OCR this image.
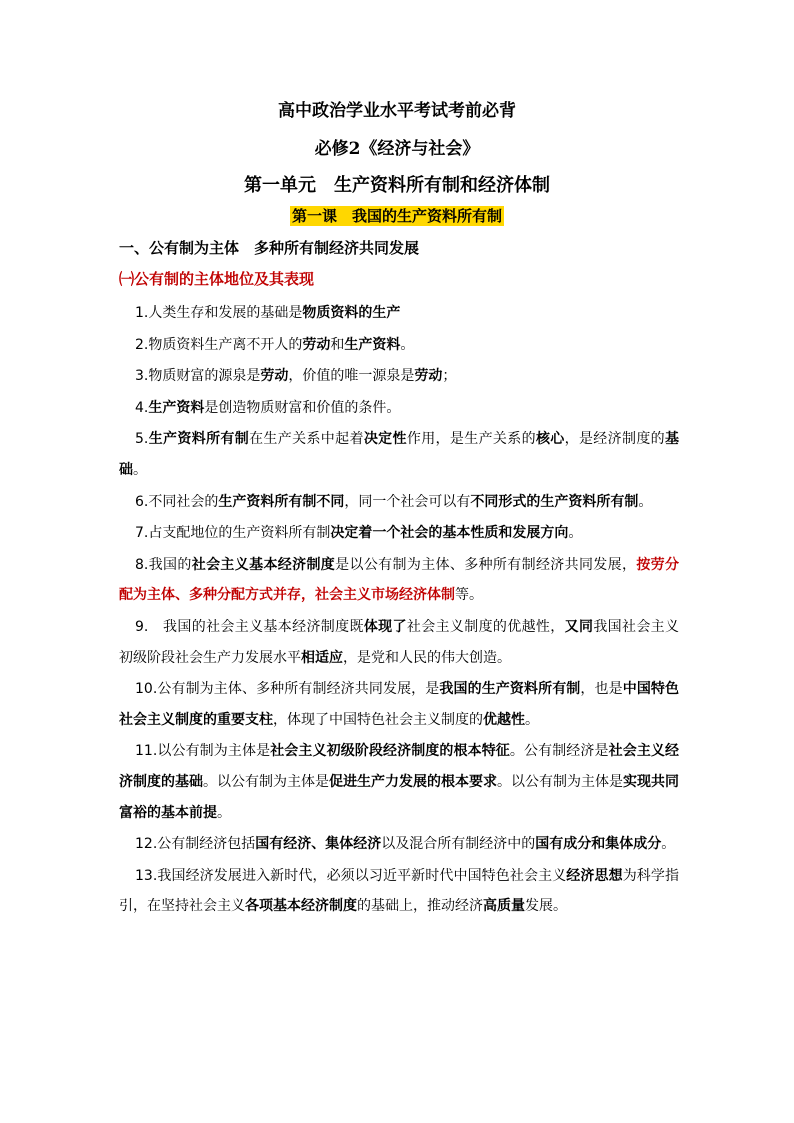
高中政治学业水平考试考前必背
必修2《经济与社会》
第一单元　生产资料所有制和经济体制
第一课　我国的生产资料所有制
一、公有制为主体　多种所有制经济共同发展
㈠公有制的主体地位及其表现
1.人类生存和发展的基础是物质资料的生产
2.物质资料生产离不开人的劳动和生产资料。
3.物质财富的源泉是劳动，价值的唯一源泉是劳动；
4.生产资料是创造物质财富和价值的条件。
5.生产资料所有制在生产关系中起着决定性作用，是生产关系的核心，是经济制度的基础。
6.不同社会的生产资料所有制不同，同一个社会可以有不同形式的生产资料所有制。
7.占支配地位的生产资料所有制决定着一个社会的基本性质和发展方向。
8.我国的社会主义基本经济制度是以公有制为主体、多种所有制经济共同发展，按劳分配为主体、多种分配方式并存，社会主义市场经济体制等。
9.　我国的社会主义基本经济制度既体现了社会主义制度的优越性，又同我国社会主义初级阶段社会生产力发展水平相适应，是党和人民的伟大创造。
10.公有制为主体、多种所有制经济共同发展，是我国的生产资料所有制，也是中国特色社会主义制度的重要支柱，体现了中国特色社会主义制度的优越性。
11.以公有制为主体是社会主义初级阶段经济制度的根本特征。公有制经济是社会主义经济制度的基础。以公有制为主体是促进生产力发展的根本要求。以公有制为主体是实现共同富裕的基本前提。
12.公有制经济包括国有经济、集体经济以及混合所有制经济中的国有成分和集体成分。
13.我国经济发展进入新时代，必须以习近平新时代中国特色社会主义经济思想为科学指引，在坚持社会主义各项基本经济制度的基础上，推动经济高质量发展。
